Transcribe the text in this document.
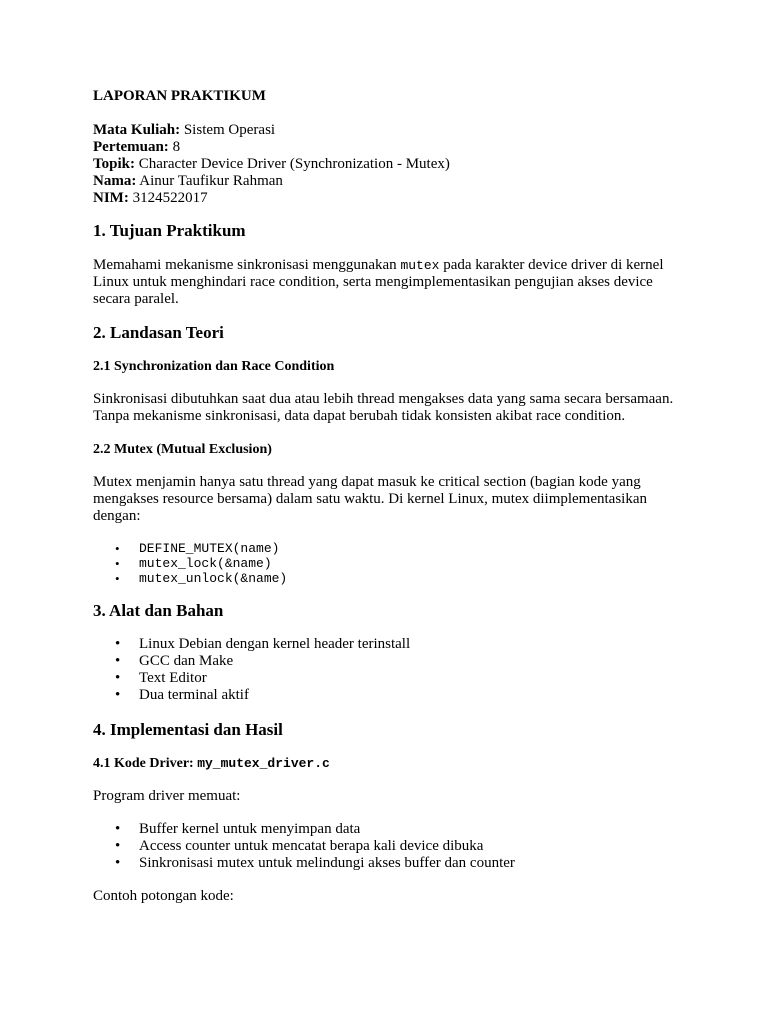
LAPORAN PRAKTIKUM

Mata Kuliah: Sistem Operasi
Pertemuan: 8
Topik: Character Device Driver (Synchronization - Mutex)
Nama: Ainur Taufikur Rahman
NIM: 3124522017
1. Tujuan Praktikum

Memahami mekanisme sinkronisasi menggunakan mutex pada karakter device driver di kernel Linux untuk menghindari race condition, serta mengimplementasikan pengujian akses device secara paralel.

2. Landasan Teori
2.1 Synchronization dan Race Condition

Sinkronisasi dibutuhkan saat dua atau lebih thread mengakses data yang sama secara bersamaan. Tanpa mekanisme sinkronisasi, data dapat berubah tidak konsisten akibat race condition.

2.2 Mutex (Mutual Exclusion)

Mutex menjamin hanya satu thread yang dapat masuk ke critical section (bagian kode yang mengakses resource bersama) dalam satu waktu. Di kernel Linux, mutex diimplementasikan dengan:

• DEFINE_MUTEX(name)
• mutex_lock(&name)
• mutex_unlock(&name)
3. Alat dan Bahan
• Linux Debian dengan kernel header terinstall
• GCC dan Make
• Text Editor
• Dua terminal aktif
4. Implementasi dan Hasil
4.1 Kode Driver: my_mutex_driver.c

Program driver memuat:

• Buffer kernel untuk menyimpan data
• Access counter untuk mencatat berapa kali device dibuka
• Sinkronisasi mutex untuk melindungi akses buffer dan counter

Contoh potongan kode:
